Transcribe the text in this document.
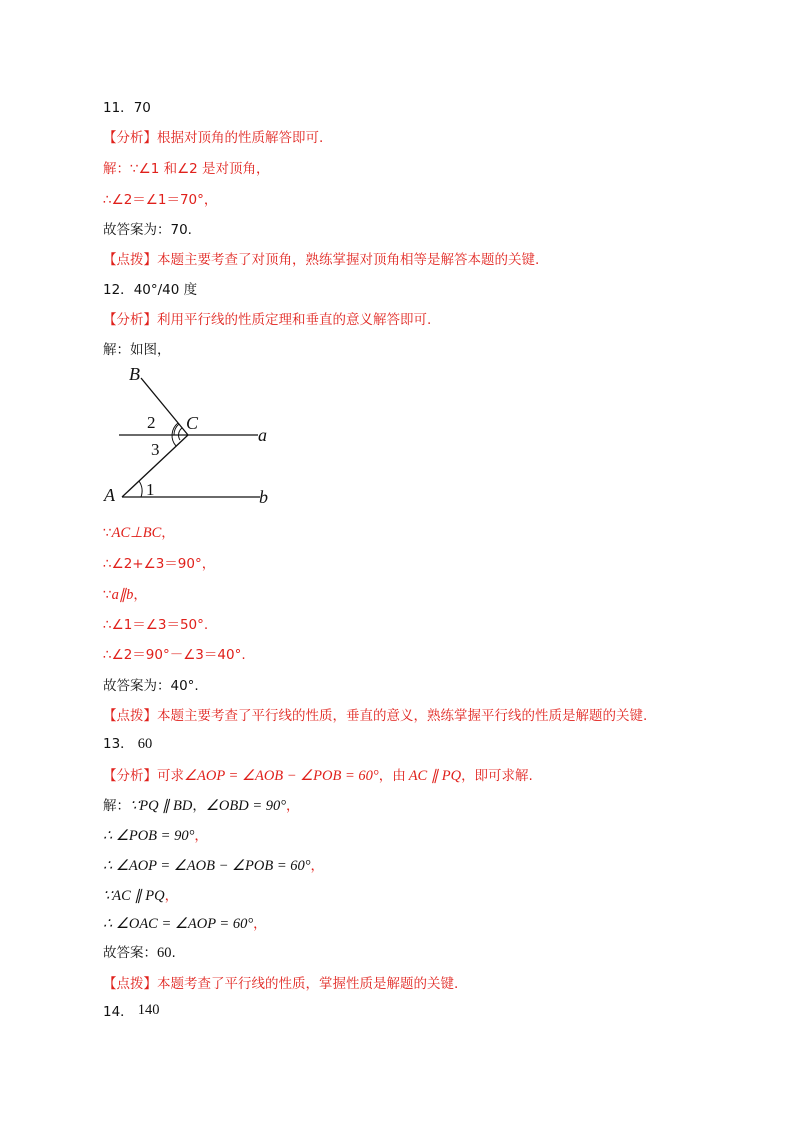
11．70
【分析】根据对顶角的性质解答即可.
解：∵∠1 和∠2 是对顶角，
∴∠2＝∠1＝70°，
故答案为：70.
【点拨】本题主要考查了对顶角，熟练掌握对顶角相等是解答本题的关键.
12．40°/40 度
【分析】利用平行线的性质定理和垂直的意义解答即可.
解：如图，
B
C
a
A	b
1
2
3
∵AC⊥BC，
∴∠2+∠3＝90°，
∵a∥b，
∴∠1＝∠3＝50°.
∴∠2＝90°－∠3＝40°.
故答案为：40°.
【点拨】本题主要考查了平行线的性质，垂直的意义，熟练掌握平行线的性质是解题的关键.
13． 60
【分析】可求∠AOP = ∠AOB − ∠POB = 60°，由 AC ∥ PQ，即可求解.
解：∵PQ ∥ BD，∠OBD = 90°，
∴ ∠POB = 90°，
∴ ∠AOP = ∠AOB − ∠POB = 60°，
∵AC ∥ PQ，
∴ ∠OAC = ∠AOP = 60°，
故答案：60.
【点拨】本题考查了平行线的性质，掌握性质是解题的关键.
14． 140
